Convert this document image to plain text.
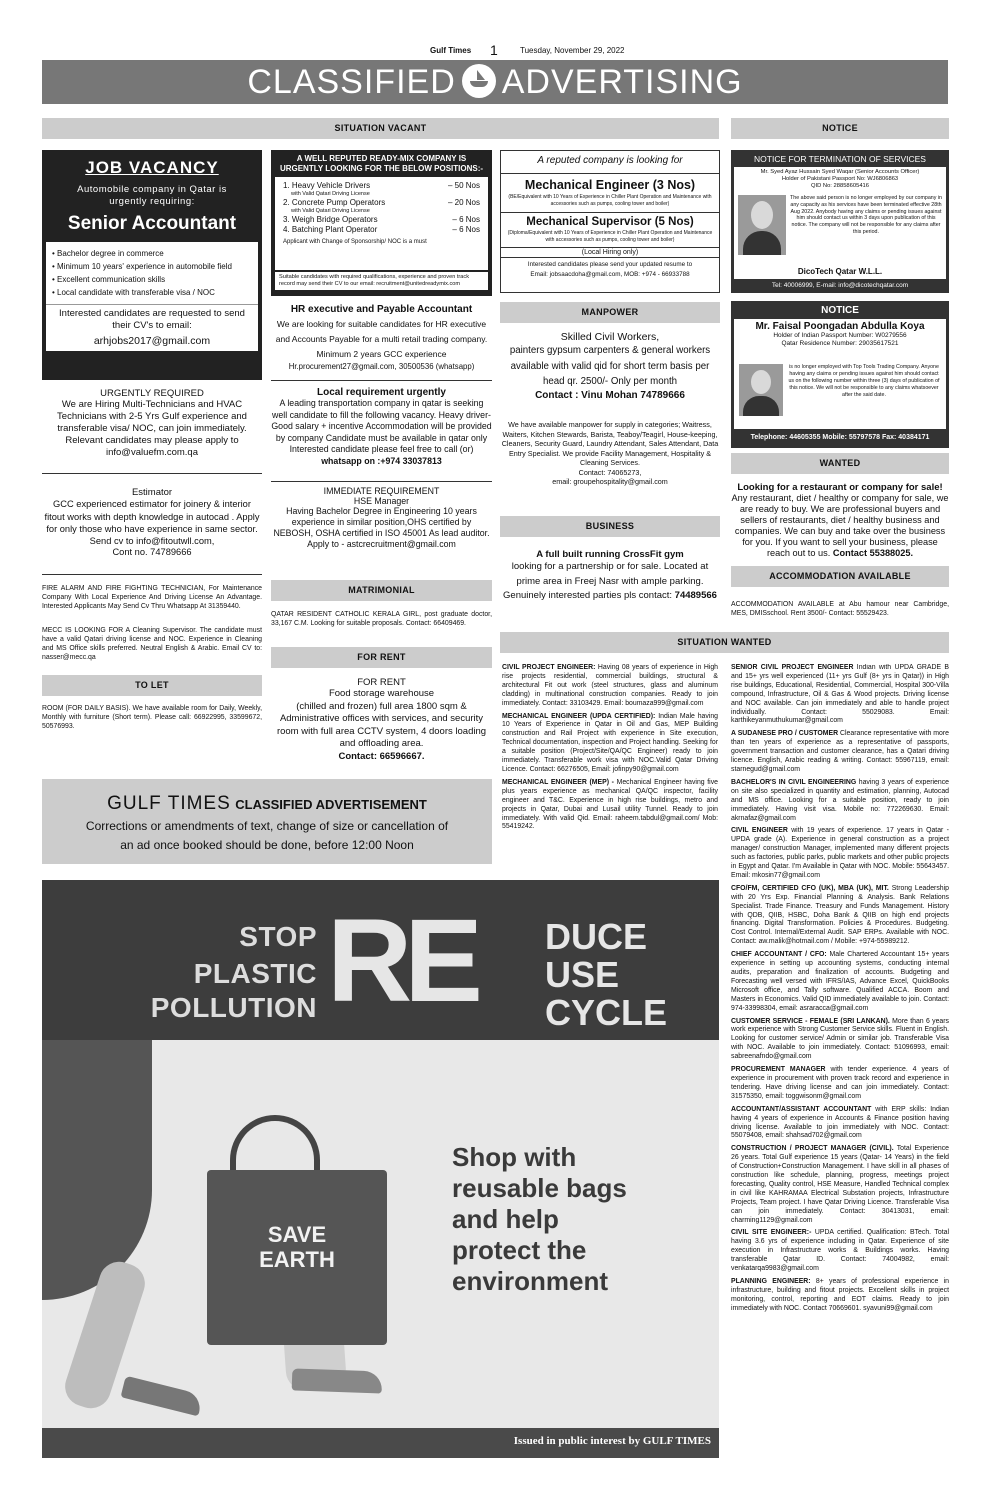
Gulf Times 1	Tuesday, November 29, 2022
CLASSIFIED ADVERTISING
SITUATION VACANT	NOTICE
JOB VACANCY
Automobile company in Qatar is urgently requiring:
Senior Accountant
• Bachelor degree in commerce
• Minimum 10 years' experience in automobile field
• Excellent communication skills
• Local candidate with transferable visa / NOC
Interested candidates are requested to send their CV's to email:
arhjobs2017@gmail.com
A WELL REPUTED READY-MIX COMPANY IS URGENTLY LOOKING FOR THE BELOW POSITIONS:-
1. Heavy Vehicle Drivers	– 50 Nos
with Valid Qatari Driving License
2. Concrete Pump Operators	– 20 Nos
with Valid Qatari Driving License
3. Weigh Bridge Operators	– 6 Nos
4. Batching Plant Operator	– 6 Nos
Applicant with Change of Sponsorship/ NOC is a must
Suitable candidates with required qualifications, experience and proven track record may send their CV to our email: recruitment@unitedreadymix.com
A reputed company is looking for
Mechanical Engineer (3 Nos)
(BE/Equivalent with 10 Years of Experience in Chiller Plant Operation and Maintenance with accessories such as pumps, cooling tower and boiler)
Mechanical Supervisor (5 Nos)
(Diploma/Equivalent with 10 Years of Experience in Chiller Plant Operation and Maintenance with accessories such as pumps, cooling tower and boiler)
(Local Hiring only)
Interested candidates please send your updated resume to
Email: jobsaacdoha@gmail.com, MOB: +974 - 66933788
NOTICE FOR TERMINATION OF SERVICES
Mr. Syed Ayaz Hussain Syed Waqar (Senior Accounts Officer)
Holder of Pakistani Passport No: WJ6806863
QID No: 28858605416
The above said person is no longer employed by our company in any capacity as his services have been terminated effective 28th Aug 2022. Anybody having any claims or pending issues against him should contact us within 3 days upon publication of this notice. The company will not be responsible for any claims after this period.
DicoTech Qatar W.L.L.
Tel: 40006999, E-mail: info@dicotechqatar.com
NOTICE
Mr. Faisal Poongadan Abdulla Koya
Holder of Indian Passport Number: W0279556
Qatar Residence Number: 29035617521
is no longer employed with Top Tools Trading Company. Anyone having any claims or pending issues against him should contact us on the following number within three (3) days of publication of this notice. We will not be responsible to any claims whatsoever after the said date.
Telephone: 44605355 Mobile: 55797578 Fax: 40384171
HR executive and Payable Accountant
We are looking for suitable candidates for HR executive and Accounts Payable for a multi retail trading company. Minimum 2 years GCC experience
Hr.procurement27@gmail.com, 30500536 (whatsapp)
MANPOWER
Skilled Civil Workers,
painters gypsum carpenters & general workers available with valid qid for short term basis per head qr. 2500/- Only per month
Contact : Vinu Mohan 74789666
Local requirement urgently
A leading transportation company in qatar is seeking well candidate to fill the following vacancy. Heavy driver- Good salary + incentive Accommodation will be provided by company Candidate must be available in qatar only Interested candidate please feel free to call (or)
whatsapp on :+974 33037813
URGENTLY REQUIRED
We are Hiring Multi-Technicians and HVAC Technicians with 2-5 Yrs Gulf experience and transferable visa/ NOC, can join immediately. Relevant candidates may please apply to
info@valuefm.com.qa
We have available manpower for supply in categories; Waitress, Waiters, Kitchen Stewards, Barista, Teaboy/Teagirl, House-keeping, Cleaners, Security Guard, Laundry Attendant, Sales Attendant, Data Entry Specialist. We provide Facility Management, Hospitality & Cleaning Services.
Contact: 74065273,
email: groupehospitality@gmail.com
WANTED
Looking for a restaurant or company for sale!
Any restaurant, diet / healthy or company for sale, we are ready to buy. We are professional buyers and sellers of restaurants, diet / healthy business and companies. We can buy and take over the business for you. If you want to sell your business, please reach out to us. Contact 55388025.
IMMEDIATE REQUIREMENT
HSE Manager
Having Bachelor Degree in Engineering 10 years experience in similar position,OHS certified by NEBOSH, OSHA certified in ISO 45001 As lead auditor.
Apply to - astcrecruitment@gmail.com
Estimator
GCC experienced estimator for joinery & interior fitout works with depth knowledge in autocad . Apply for only those who have experience in same sector.
Send cv to info@fitoutwll.com,
Cont no. 74789666
BUSINESS
A full built running CrossFit gym
looking for a partnership or for sale. Located at prime area in Freej Nasr with ample parking. Genuinely interested parties pls contact: 74489566
ACCOMMODATION AVAILABLE
ACCOMMODATION AVAILABLE at Abu hamour near Cambridge, MES, DMISschool. Rent 3500/- Contact: 55529423.
MATRIMONIAL
QATAR RESIDENT CATHOLIC KERALA GIRL, post graduate doctor, 33,167 C.M. Looking for suitable proposals. Contact: 66409469.
FIRE ALARM AND FIRE FIGHTING TECHNICIAN, For Maintenance Company With Local Experience And Driving License An Advantage. Interested Applicants May Send Cv Thru Whatsapp At 31359440.
MECC IS LOOKING FOR A Cleaning Supervisor. The candidate must have a valid Qatari driving license and NOC. Experience in Cleaning and MS Office skills preferred. Neutral English & Arabic. Email CV to: nasser@mecc.qa	FOR RENT
FOR RENT
Food storage warehouse
(chilled and frozen) full area 1800 sqm & Administrative offices with services, and security room with full area CCTV system, 4 doors loading and offloading area.
Contact: 66596667.
SITUATION WANTED
TO LET
ROOM (FOR DAILY BASIS). We have available room for Daily, Weekly, Monthly with furniture (Short term). Please call: 66922995, 33599672, 50576993.

CIVIL PROJECT ENGINEER: Having 08 years of experience in High rise projects residential, commercial buildings, structural & architectural Fit out work (steel structures, glass and aluminum cladding) in multinational construction companies. Ready to join immediately. Contact: 33103429. Email: boumaza999@gmail.com

MECHANICAL ENGINEER (UPDA CERTIFIED): Indian Male having 10 Years of Experience in Qatar in Oil and Gas, MEP Building construction and Rail Project with experience in Site execution, Technical documentation, inspection and Project handling. Seeking for a suitable position (Project/Site/QA/QC Engineer) ready to join immediately. Transferable work visa with NOC.Valid Qatar Driving Licence. Contact: 66276505, Email: jofinpy90@gmail.com

MECHANICAL ENGINEER (MEP) - Mechanical Engineer having five plus years experience as mechanical QA/QC inspector, facility engineer and T&C. Experience in high rise buildings, metro and projects in Qatar, Dubai and Lusail utility Tunnel. Ready to join immediately. With valid Qid. Email: raheem.tabdul@gmail.com/ Mob: 55419242.

SENIOR CIVIL PROJECT ENGINEER Indian with UPDA GRADE B and 15+ yrs well experienced (11+ yrs Gulf (8+ yrs in Qatar)) in High rise buildings, Educational, Residential, Commercial, Hospital 300-Villa compound, Infrastructure, Oil & Gas & Wood projects. Driving license and NOC available. Can join immediately and able to handle project individually. Contact: 55029083. Email: karthikeyanmuthukumar@gmail.com

A SUDANESE PRO / CUSTOMER Clearance representative with more than ten years of experience as a representative of passports, government transaction and customer clearance, has a Qatari driving licence. English, Arabic reading & writing. Contact: 55967119, email: starnegud@gmail.com

BACHELOR'S IN CIVIL ENGINEERING having 3 years of experience on site also specialized in quantity and estimation, planning, Autocad and MS office. Looking for a suitable position, ready to join immediately. Having visit visa. Mobile no: 772269630. Email: akrnafaz@gmail.com

CIVIL ENGINEER with 19 years of experience. 17 years in Qatar - UPDA grade (A). Experience in general construction as a project manager/ construction Manager, implemented many different projects such as factories, public parks, public markets and other public projects in Egypt and Qatar. I'm Available in Qatar with NOC. Mobile: 55643457. Email: mkosin77@gmail.com

CFO/FM, CERTIFIED CFO (UK), MBA (UK), MIT. Strong Leadership with 20 Yrs Exp. Financial Planning & Analysis. Bank Relations Specialist. Trade Finance. Treasury and Funds Management. History with QDB, QIIB, HSBC, Doha Bank & QIIB on high end projects financing. Digital Transformation. Policies & Procedures. Budgeting. Cost Control. Internal/External Audit. SAP ERPs. Available with NOC. Contact: aw.malik@hotmail.com / Mobile: +974-55989212.

CHIEF ACCOUNTANT / CFO: Male Chartered Accountant 15+ years experience in setting up accounting systems, conducting internal audits, preparation and finalization of accounts. Budgeting and Forecasting well versed with IFRS/IAS, Advance Excel, QuickBooks Microsoft office, and Tally software. Qualified ACCA. Boom and Masters in Economics. Valid QID immediately available to join. Contact: 974-33998304, email: asraracca@gmail.com

CUSTOMER SERVICE - FEMALE (SRI LANKAN). More than 6 years work experience with Strong Customer Service skills. Fluent in English. Looking for customer service/ Admin or similar job. Transferable Visa with NOC. Available to join immediately. Contact: 51096993, email: sabreenafndo@gmail.com

PROCUREMENT MANAGER with tender experience. 4 years of experience in procurement with proven track record and experience in tendering. Have driving license and can join immediately. Contact: 31575350, email: toggwisonm@gmail.com

ACCOUNTANT/ASSISTANT ACCOUNTANT with ERP skills: Indian having 4 years of experience in Accounts & Finance position having driving license. Available to join immediately with NOC. Contact: 55079408, email: shahsad702@gmail.com

CONSTRUCTION / PROJECT MANAGER (CIVIL). Total Experience 26 years. Total Gulf experience 15 years (Qatar- 14 Years) in the field of Construction+Construction Management. I have skill in all phases of construction like schedule, planning, progress, meetings project forecasting, Quality control, HSE Measure, Handled Technical complex in civil like KAHRAMAA Electrical Substation projects, Infrastructure Projects, Team project. I have Qatar Driving Licence. Transferable Visa can join immediately. Contact: 30413031, email: charming1129@gmail.com

CIVIL SITE ENGINEER:- UPDA certified. Qualification: BTech. Total having 3.6 yrs of experience including in Qatar. Experience of site execution in Infrastructure works & Buildings works. Having transferable Qatar ID. Contact: 74004982, email: venkatarqa9983@gmail.com

PLANNING ENGINEER: 8+ years of professional experience in infrastructure, building and fitout projects. Excellent skills in project monitoring, control, reporting and EOT claims. Ready to join immediately with NOC. Contact 70669601. syavuni99@gmail.com

GULF TIMES CLASSIFIED ADVERTISEMENT
Corrections or amendments of text, change of size or cancellation of
an ad once booked should be done, before 12:00 Noon
STOP
PLASTIC
POLLUTION RE DUCE
USE
CYCLE
SAVE
EARTH
Shop with
reusable bags
and help
protect the
environment
Issued in public interest by GULF TIMES
